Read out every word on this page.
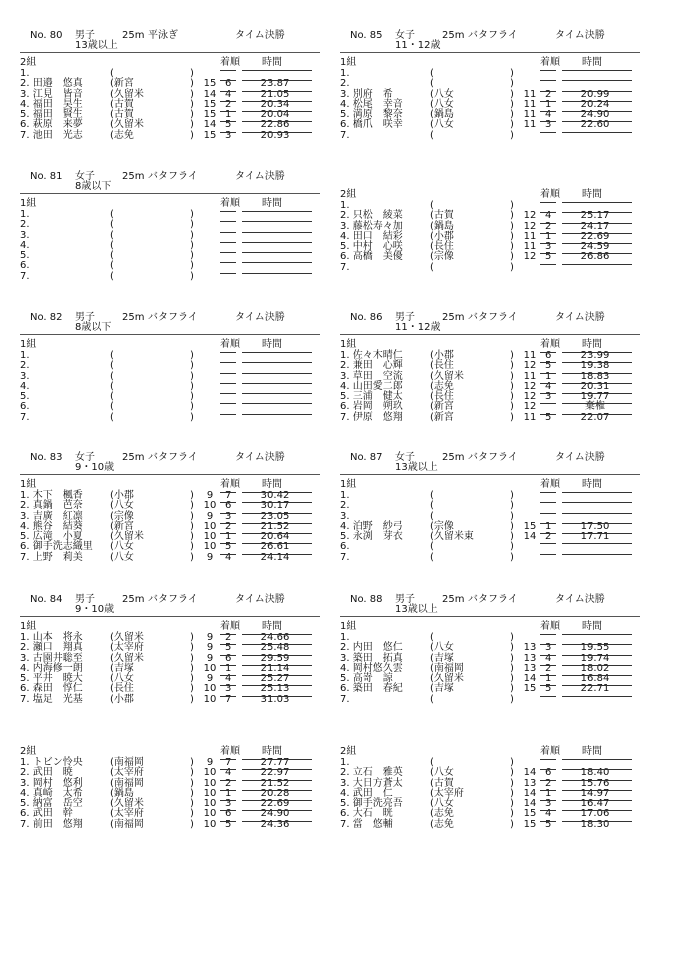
No. 80 男子	25m 平泳ぎ	タイム決勝
13歳以上
2組	着順 時間
1.	(	)
2. 田邉　悠真	(新宮	) 15 6	23.87
3. 江見　皆音	(久留米	) 14 4	21.05
4. 福田　昊生	(古賀	) 15 2	20.34
5. 福田　賢生	(古賀	) 15 1	20.04
6. 萩原　来夢	(久留米	) 14 5	22.86
7. 池田　光志	(志免	) 15 3	20.93
No. 81 女子	25m バタフライ	タイム決勝
8歳以下
1組	着順 時間
1.	(	)
2.	(	)
3.	(	)
4.	(	)
5.	(	)
6.	(	)
7.	(	)
No. 82 男子	25m バタフライ	タイム決勝
8歳以下
1組	着順 時間
1.	(	)
2.	(	)
3.	(	)
4.	(	)
5.	(	)
6.	(	)
7.	(	)
No. 83 女子	25m バタフライ	タイム決勝
9・10歳
1組	着順 時間
1. 木下　楓香	(小郡	)	9	7	30.42
2. 真鍋　芭奈	(八女	) 10 6	30.17
3. 吉廣　紅凛	(宗像	)	9	3	23.05
4. 熊谷　結葵	(新宮	) 10 2	21.52
5. 広滝　小夏	(久留米	) 10 1	20.64
6. 御手洗志織里 (八女	) 10 5	26.61
7. 上野　莉美	(八女	)	9	4	24.14
No. 84 男子	25m バタフライ	タイム決勝
9・10歳
1組	着順 時間
1. 山本　将永	(久留米	)	9	2	24.66
2. 瀬口　翔真	(太宰府	)	9	5	25.48
3. 古園井聡至	(久留米	)	9	6	29.59
4. 内海修一朗	(吉塚	) 10 1	21.14
5. 平井　暁大	(八女	)	9	4	25.27
6. 森田　惇仁	(長住	) 10 3	25.13
7. 塩足　光基	(小郡	) 10 7	31.03
2組	着順 時間
1. トビン怜央	(南福岡	)	9	7	27.77
2. 武田　暁	(太宰府	) 10 4	22.97
3. 岡村　悠利	(南福岡	) 10 2	21.52
4. 真崎　太希	(鍋島	) 10 1	20.28
5. 納富　岳空	(久留米	) 10 3	22.69
6. 武田　幹	(太宰府	) 10 6	24.90
7. 前田　悠翔	(南福岡	) 10 5	24.36
No. 85 女子	25m バタフライ	タイム決勝
11・12歳
1組	着順 時間
1.	(	)
2.	(	)
3. 別府　希	(八女	) 11 2	20.99
4. 松尾　幸音	(八女	) 11 1	20.24
5. 満原　黎奈	(鍋島	) 11 4	24.90
6. 橋爪　咲幸	(八女	) 11 3	22.60
7.	(	)
2組	着順 時間
1.	(	)
2. 只松　綾菜	(古賀	) 12 4	25.17
3. 藤松寿々加	(鍋島	) 12 2	24.17
4. 田口　結彩	(小郡	) 11 1	22.69
5. 中村　心咲	(長住	) 11 3	24.59
6. 高橋　美優	(宗像	) 12 5	26.86
7.	(	)
No. 86 男子	25m バタフライ	タイム決勝
11・12歳
1組	着順 時間
1. 佐々木晴仁	(小郡	) 11 6	23.99
2. 兼田　心輝	(長住	) 12 5	19.38
3. 草田　空流	(久留米	) 11 1	18.83
4. 山田愛二郎	(志免	) 12 4	20.31
5. 三浦　健太	(長住	) 12 3	19.77
6. 岩岡　朔玖	(新宮	) 12	棄権
7. 伊原　悠翔	(新宮	) 11 5	22.07
No. 87 女子	25m バタフライ	タイム決勝
13歳以上
1組	着順 時間
1.	(	)
2.	(	)
3.	(	)
4. 泊野　紗弓	(宗像	) 15 1	17.50
5. 永渕　芽衣	(久留米東	) 14 2	17.71
6.	(	)
7.	(	)
No. 88 男子	25m バタフライ	タイム決勝
13歳以上
1組	着順 時間
1.	(	)
2. 内田　悠仁	(八女	) 13 3	19.55
3. 築田　拓真	(吉塚	) 13 4	19.74
4. 岡村悠久雲	(南福岡	) 13 2	18.02
5. 高嵜　諒	(久留米	) 14 1	16.84
6. 築田　春紀	(吉塚	) 15 5	22.71
7.	(	)
2組	着順 時間
1.	(	)
2. 立石　雅英	(八女	) 14 6	18.40
3. 大日方蒼太	(古賀	) 13 2	15.76
4. 武田　仁	(太宰府	) 14 1	14.97
5. 御手洗亮吾	(八女	) 14 3	16.47
6. 大石　晄	(志免	) 15 4	17.06
7. 當　悠輔	(志免	) 15 5	18.30
